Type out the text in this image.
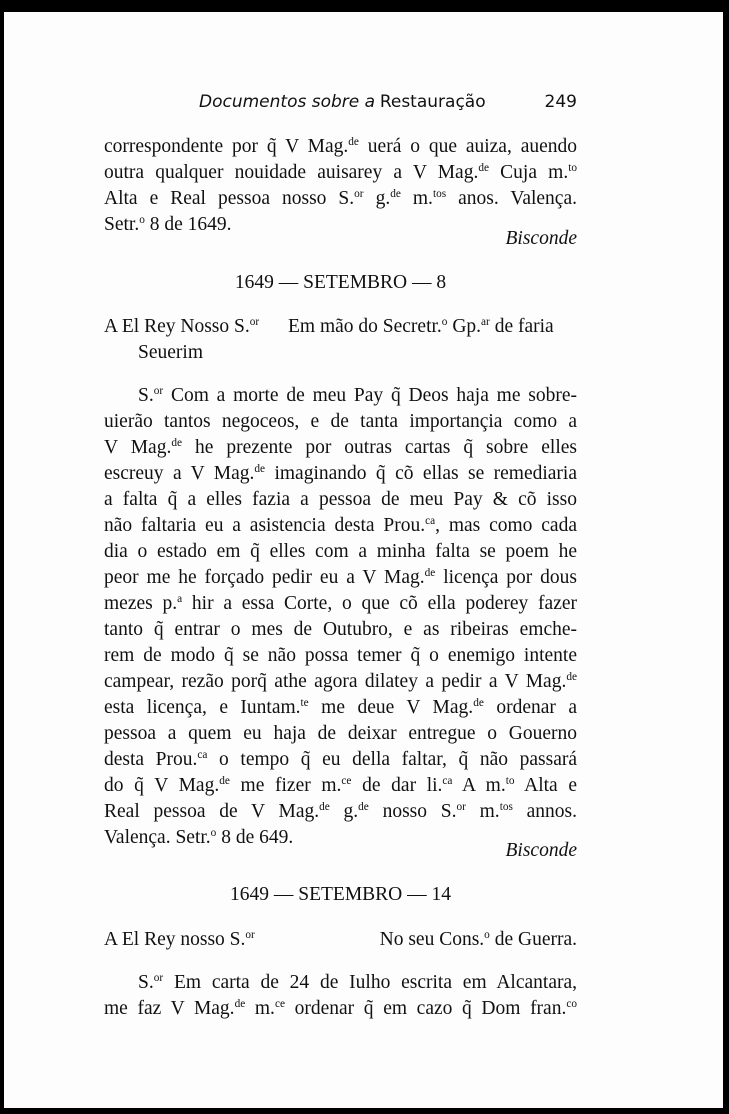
Documentos sobre a Restauração	249
correspondente por q̃ V Mag.$^{de}$ uerá o que auiza, auendo
outra qualquer nouidade auisarey a V Mag.$^{de}$ Cuja m.$^{to}$
Alta e Real pessoa nosso S.$^{or}$ g.$^{de}$ m.$^{tos}$ anos. Valença.
Setr.$^o$ 8 de 1649.
Bisconde
1649 — SETEMBRO — 8
A El Rey Nosso S.$^{or}$ Em mão do Secretr.$^o$ Gp.$^{ar}$ de faria
Seuerim
S.$^{or}$ Com a morte de meu Pay q̃ Deos haja me sobre-
uierão tantos negoceos, e de tanta importançia como a
V Mag.$^{de}$ he prezente por outras cartas q̃ sobre elles
escreuy a V Mag.$^{de}$ imaginando q̃ cõ ellas se remediaria
a falta q̃ a elles fazia a pessoa de meu Pay & cõ isso
não faltaria eu a asistencia desta Prou.$^{ca}$, mas como cada
dia o estado em q̃ elles com a minha falta se poem he
peor me he forçado pedir eu a V Mag.$^{de}$ licença por dous
mezes p.$^a$ hir a essa Corte, o que cõ ella poderey fazer
tanto q̃ entrar o mes de Outubro, e as ribeiras emche-
rem de modo q̃ se não possa temer q̃ o enemigo intente
campear, rezão porq̃ athe agora dilatey a pedir a V Mag.$^{de}$
esta licença, e Iuntam.$^{te}$ me deue V Mag.$^{de}$ ordenar a
pessoa a quem eu haja de deixar entregue o Gouerno
desta Prou.$^{ca}$ o tempo q̃ eu della faltar, q̃ não passará
do q̃ V Mag.$^{de}$ me fizer m.$^{ce}$ de dar li.$^{ca}$ A m.$^{to}$ Alta e
Real pessoa de V Mag.$^{de}$ g.$^{de}$ nosso S.$^{or}$ m.$^{tos}$ annos.
Valença. Setr.$^o$ 8 de 649.
Bisconde
1649 — SETEMBRO — 14
A El Rey nosso S.$^{or}$	No seu Cons.$^o$ de Guerra.
S.$^{or}$ Em carta de 24 de Iulho escrita em Alcantara,
me faz V Mag.$^{de}$ m.$^{ce}$ ordenar q̃ em cazo q̃ Dom fran.$^{co}$
